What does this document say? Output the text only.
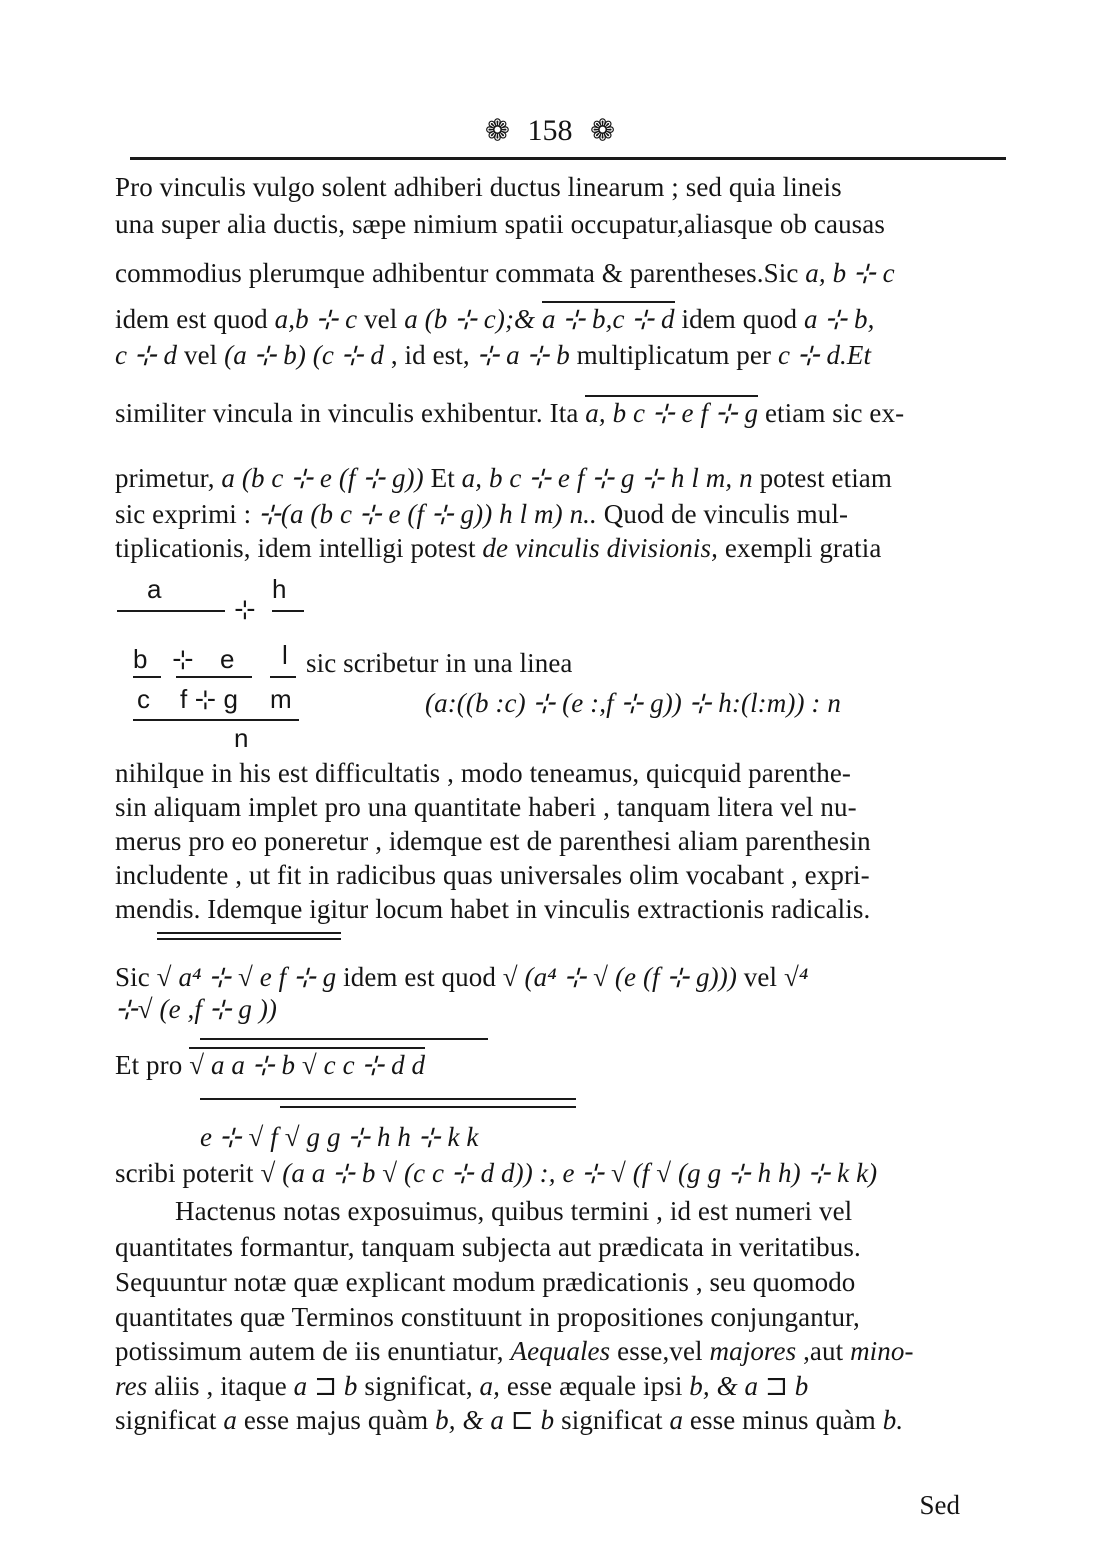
❁ 158 ❁
Pro vinculis vulgo solent adhiberi ductus linearum ; sed quia lineis
una super alia ductis, sæpe nimium spatii occupatur,aliasque ob causas
commodius plerumque adhibentur commata & parentheses.Sic a, b ⊹ c
idem est quod a,b ⊹ c vel a (b ⊹ c);& a ⊹ b,c ⊹ d idem quod a ⊹ b,
c ⊹ d vel (a ⊹ b) (c ⊹ d , id est, ⊹ a ⊹ b multiplicatum per c ⊹ d.Et
similiter vincula in vinculis exhibentur. Ita a, b c ⊹ e f ⊹ g etiam sic ex-
primetur, a (b c ⊹ e (f ⊹ g)) Et a, b c ⊹ e f ⊹ g ⊹ h l m, n potest etiam
sic exprimi : ⊹(a (b c ⊹ e (f ⊹ g)) h l m) n.. Quod de vinculis mul-
tiplicationis, idem intelligi potest de vinculis divisionis, exempli gratia
a	h
⊹
b ⊹ e l sic scribetur in una linea
c f ⊹ g m	(a:((b :c) ⊹ (e :,f ⊹ g)) ⊹ h:(l:m)) : n
n
nihilque in his est difficultatis , modo teneamus, quicquid parenthe-
sin aliquam implet pro una quantitate haberi , tanquam litera vel nu-
merus pro eo poneretur , idemque est de parenthesi aliam parenthesin
includente , ut fit in radicibus quas universales olim vocabant , expri-
mendis. Idemque igitur locum habet in vinculis extractionis radicalis.
Sic √ a⁴ ⊹ √ e f ⊹ g idem est quod √ (a⁴ ⊹ √ (e (f ⊹ g))) vel √⁴
⊹√ (e ,f ⊹ g ))
Et pro √ a a ⊹ b √ c c ⊹ d d
e ⊹ √ f √ g g ⊹ h h ⊹ k k
scribi poterit √ (a a ⊹ b √ (c c ⊹ d d)) :, e ⊹ √ (f √ (g g ⊹ h h) ⊹ k k)
Hactenus notas exposuimus, quibus termini , id est numeri vel
quantitates formantur, tanquam subjecta aut prædicata in veritatibus.
Sequuntur notæ quæ explicant modum prædicationis , seu quomodo
quantitates quæ Terminos constituunt in propositiones conjungantur,
potissimum autem de iis enuntiatur, Aequales esse,vel majores ,aut mino-
res aliis , itaque a ⊐ b significat, a, esse æquale ipsi b, & a ⊐ b
significat a esse majus quàm b, & a ⊏ b significat a esse minus quàm b.
Sed
